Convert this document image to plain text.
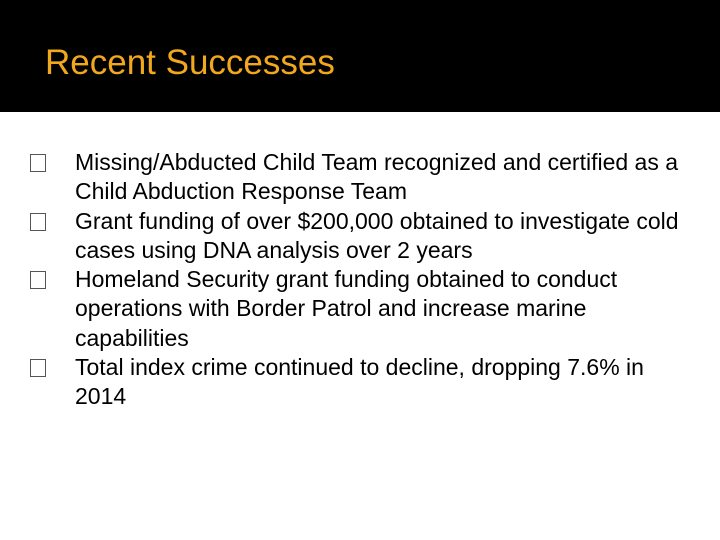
Recent Successes
Missing/Abducted Child Team recognized and certified as a Child Abduction Response Team
Grant funding of over $200,000 obtained to investigate cold cases using DNA analysis over 2 years
Homeland Security grant funding obtained to conduct operations with Border Patrol and increase marine capabilities
Total index crime continued to decline, dropping 7.6% in 2014
